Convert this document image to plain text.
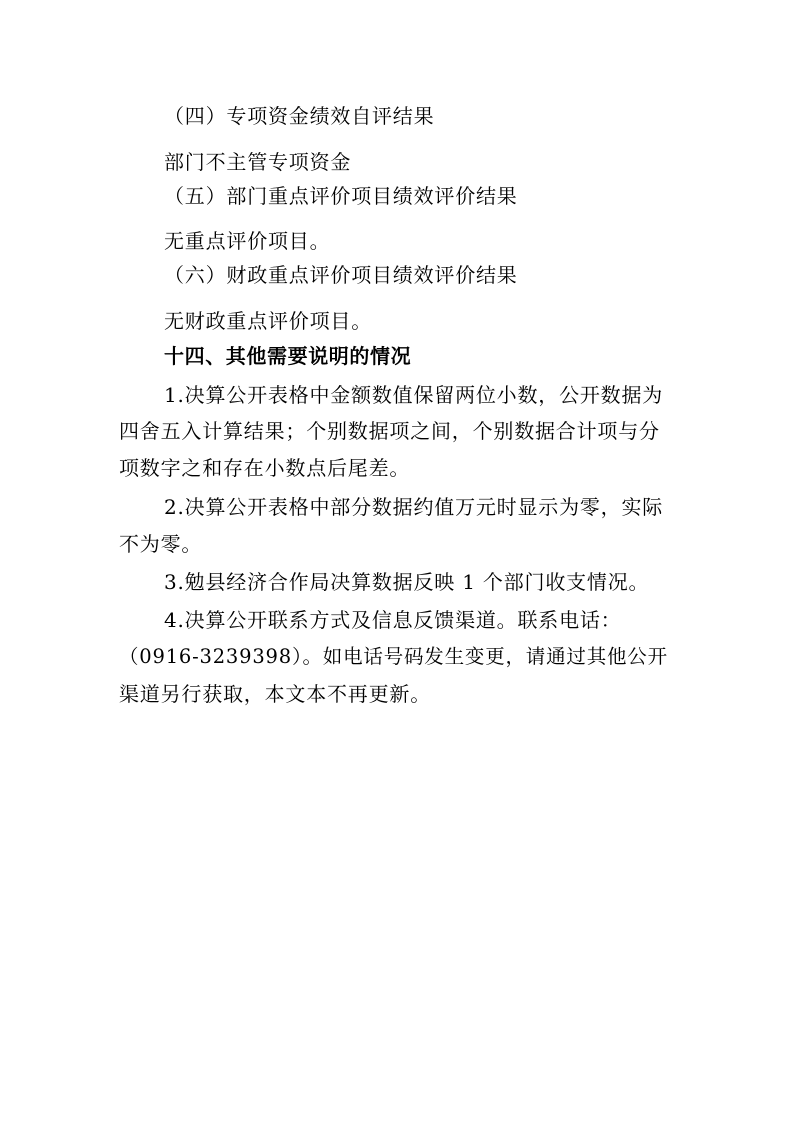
（四）专项资金绩效自评结果
部门不主管专项资金
（五）部门重点评价项目绩效评价结果
无重点评价项目。
（六）财政重点评价项目绩效评价结果
无财政重点评价项目。
十四、其他需要说明的情况
1.决算公开表格中金额数值保留两位小数，公开数据为
四舍五入计算结果；个别数据项之间，个别数据合计项与分
项数字之和存在小数点后尾差。
2.决算公开表格中部分数据约值万元时显示为零，实际
不为零。
3.勉县经济合作局决算数据反映 1 个部门收支情况。
4.决算公开联系方式及信息反馈渠道。联系电话：
（0916-3239398）。如电话号码发生变更，请通过其他公开
渠道另行获取，本文本不再更新。
